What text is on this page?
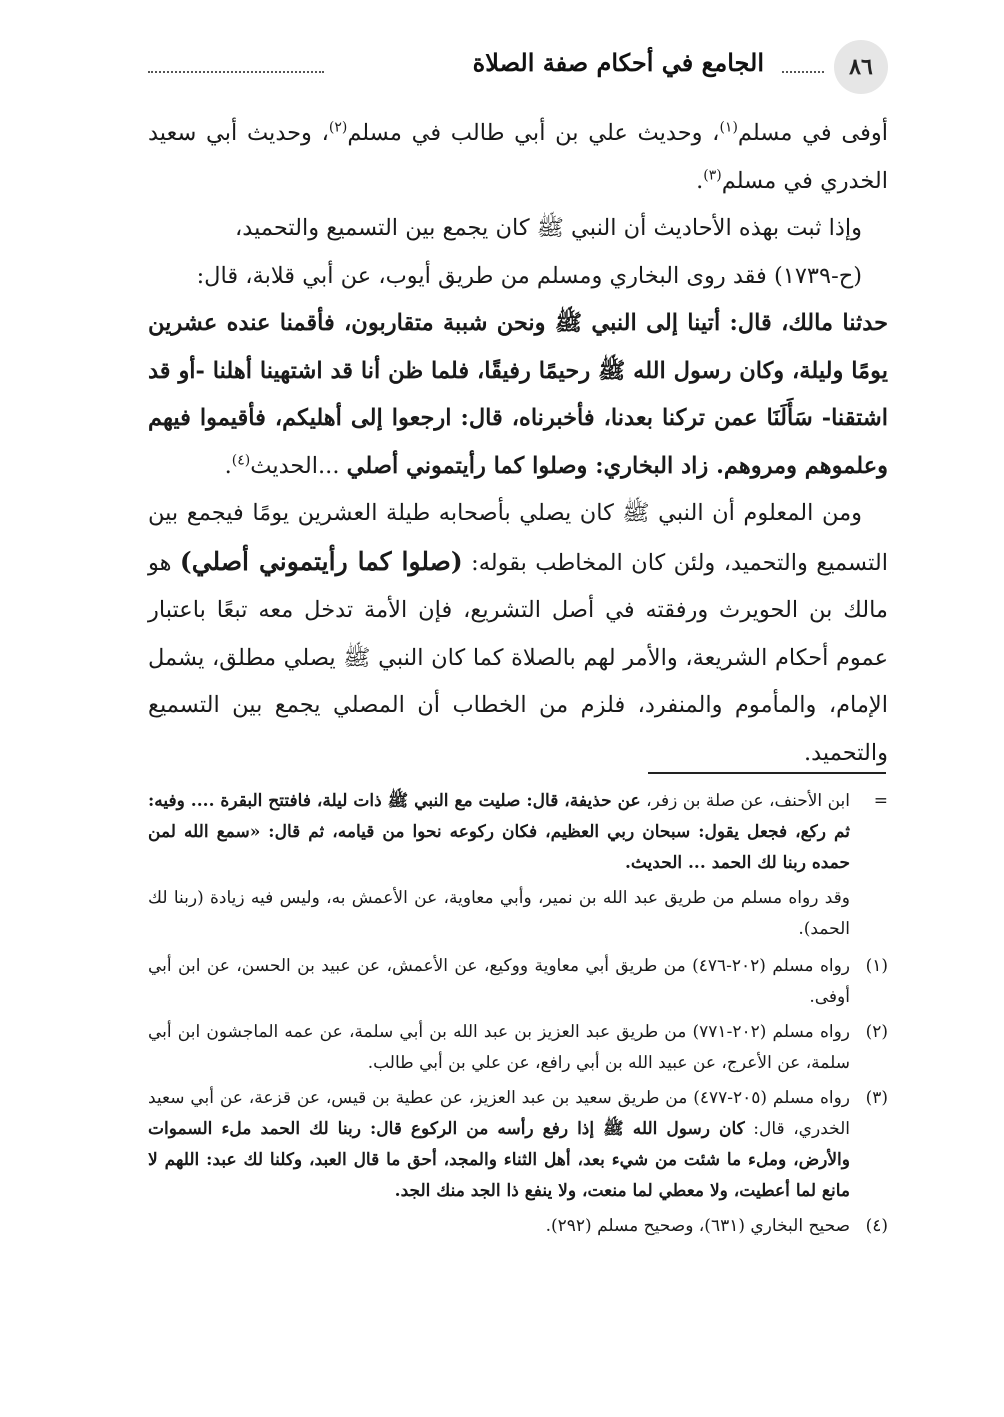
٨٦
الجامع في أحكام صفة الصلاة

أوفى في مسلم$^{(١)}$، وحديث علي بن أبي طالب في مسلم$^{(٢)}$، وحديث أبي سعيد الخدري في مسلم$^{(٣)}$.

وإذا ثبت بهذه الأحاديث أن النبي ﷺ كان يجمع بين التسميع والتحميد،

(ح-١٧٣٩) فقد روى البخاري ومسلم من طريق أيوب، عن أبي قلابة، قال:

حدثنا مالك، قال: أتينا إلى النبي ﷺ ونحن شببة متقاربون، فأقمنا عنده عشرين يومًا وليلة، وكان رسول الله ﷺ رحيمًا رفيقًا، فلما ظن أنا قد اشتهينا أهلنا -أو قد اشتقنا- سَأَلَنَا عمن تركنا بعدنا، فأخبرناه، قال: ارجعوا إلى أهليكم، فأقيموا فيهم وعلموهم ومروهم. زاد البخاري: وصلوا كما رأيتموني أصلي ...الحديث$^{(٤)}$.

ومن المعلوم أن النبي ﷺ كان يصلي بأصحابه طيلة العشرين يومًا فيجمع بين التسميع والتحميد، ولئن كان المخاطب بقوله: (صلوا كما رأيتموني أصلي) هو مالك بن الحويرث ورفقته في أصل التشريع، فإن الأمة تدخل معه تبعًا باعتبار عموم أحكام الشريعة، والأمر لهم بالصلاة كما كان النبي ﷺ يصلي مطلق، يشمل الإمام، والمأموم والمنفرد، فلزم من الخطاب أن المصلي يجمع بين التسميع والتحميد.

=
ابن الأحنف، عن صلة بن زفر، عن حذيفة، قال: صليت مع النبي ﷺ ذات ليلة، فافتتح البقرة .... وفيه: ثم ركع، فجعل يقول: سبحان ربي العظيم، فكان ركوعه نحوا من قيامه، ثم قال: «سمع الله لمن حمده ربنا لك الحمد ... الحديث.

وقد رواه مسلم من طريق عبد الله بن نمير، وأبي معاوية، عن الأعمش به، وليس فيه زيادة (ربنا لك الحمد).

(١)
رواه مسلم (٢٠٢-٤٧٦) من طريق أبي معاوية ووكيع، عن الأعمش، عن عبيد بن الحسن، عن ابن أبي أوفى.
(٢)
رواه مسلم (٢٠٢-٧٧١) من طريق عبد العزيز بن عبد الله بن أبي سلمة، عن عمه الماجشون ابن أبي سلمة، عن الأعرج، عن عبيد الله بن أبي رافع، عن علي بن أبي طالب.
(٣)
رواه مسلم (٢٠٥-٤٧٧) من طريق سعيد بن عبد العزيز، عن عطية بن قيس، عن قزعة، عن أبي سعيد الخدري، قال: كان رسول الله ﷺ إذا رفع رأسه من الركوع قال: ربنا لك الحمد ملء السموات والأرض، وملء ما شئت من شيء بعد، أهل الثناء والمجد، أحق ما قال العبد، وكلنا لك عبد: اللهم لا مانع لما أعطيت، ولا معطي لما منعت، ولا ينفع ذا الجد منك الجد.
(٤)
صحيح البخاري (٦٣١)، وصحيح مسلم (٢٩٢).
